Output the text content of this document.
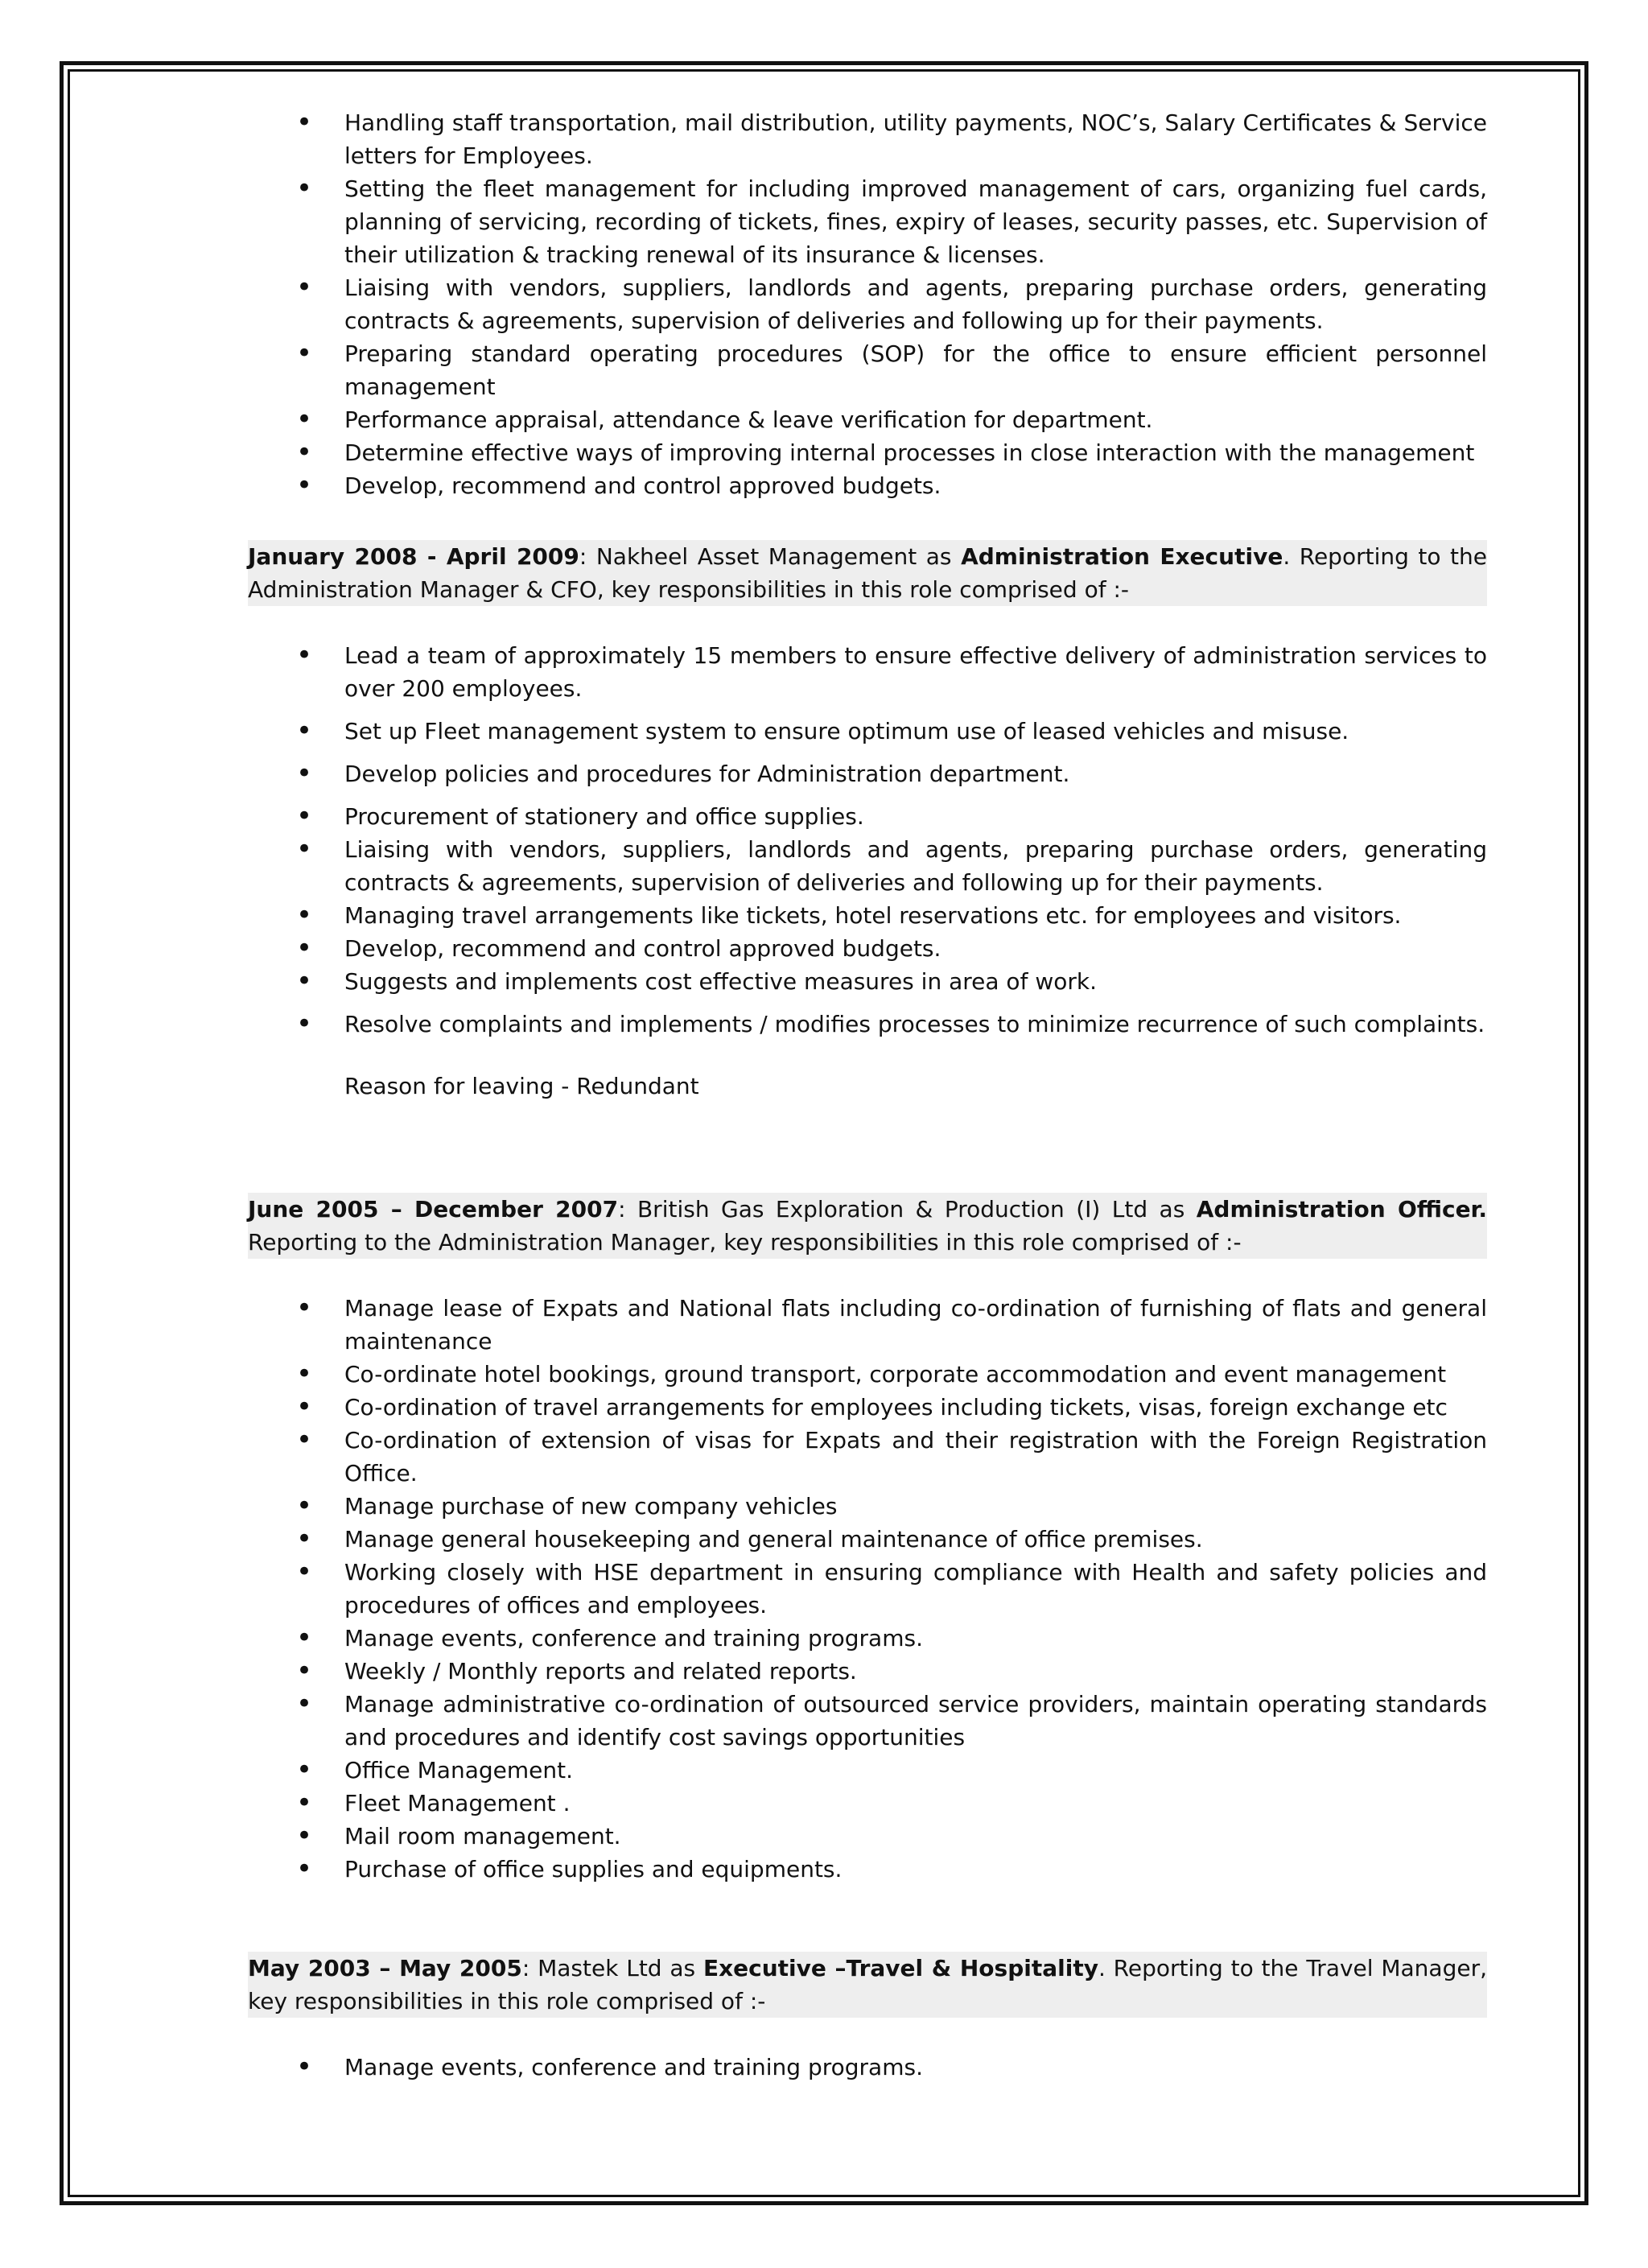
• Handling staff transportation, mail distribution, utility payments, NOC’s, Salary Certificates & Service letters for Employees.
• Setting the fleet management for including improved management of cars, organizing fuel cards, planning of servicing, recording of tickets, fines, expiry of leases, security passes, etc. Supervision of their utilization & tracking renewal of its insurance & licenses.
• Liaising with vendors, suppliers, landlords and agents, preparing purchase orders, generating contracts & agreements, supervision of deliveries and following up for their payments.
• Preparing standard operating procedures (SOP) for the office to ensure efficient personnel management
• Performance appraisal, attendance & leave verification for department.
• Determine effective ways of improving internal processes in close interaction with the management
• Develop, recommend and control approved budgets.
January 2008 - April 2009: Nakheel Asset Management as Administration Executive. Reporting to the Administration Manager & CFO, key responsibilities in this role comprised of :-
• Lead a team of approximately 15 members to ensure effective delivery of administration services to over 200 employees.
• Set up Fleet management system to ensure optimum use of leased vehicles and misuse.
• Develop policies and procedures for Administration department.
• Procurement of stationery and office supplies.
• Liaising with vendors, suppliers, landlords and agents, preparing purchase orders, generating contracts & agreements, supervision of deliveries and following up for their payments.
• Managing travel arrangements like tickets, hotel reservations etc. for employees and visitors.
• Develop, recommend and control approved budgets.
• Suggests and implements cost effective measures in area of work.
• Resolve complaints and implements / modifies processes to minimize recurrence of such complaints.
Reason for leaving - Redundant
June 2005 – December 2007: British Gas Exploration & Production (I) Ltd as Administration Officer. Reporting to the Administration Manager, key responsibilities in this role comprised of :-
• Manage lease of Expats and National flats including co-ordination of furnishing of flats and general maintenance
• Co-ordinate hotel bookings, ground transport, corporate accommodation and event management
• Co-ordination of travel arrangements for employees including tickets, visas, foreign exchange etc
• Co-ordination of extension of visas for Expats and their registration with the Foreign Registration Office.
• Manage purchase of new company vehicles
• Manage general housekeeping and general maintenance of office premises.
• Working closely with HSE department in ensuring compliance with Health and safety policies and procedures of offices and employees.
• Manage events, conference and training programs.
• Weekly / Monthly reports and related reports.
• Manage administrative co-ordination of outsourced service providers, maintain operating standards and procedures and identify cost savings opportunities
• Office Management.
• Fleet Management .
• Mail room management.
• Purchase of office supplies and equipments.
May 2003 – May 2005: Mastek Ltd as Executive –Travel & Hospitality. Reporting to the Travel Manager, key responsibilities in this role comprised of :-
• Manage events, conference and training programs.
